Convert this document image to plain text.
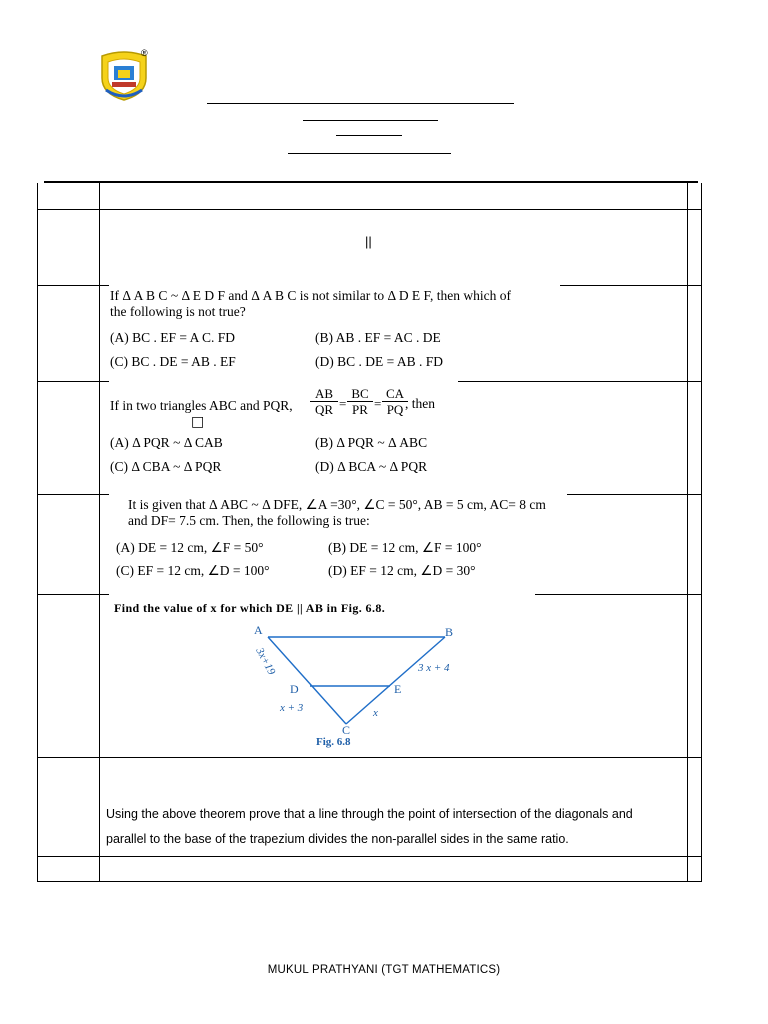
®
||
If Δ A B C ~ Δ E D F and Δ A B C is not similar to Δ D E F, then which of
the following is not true?
(A) BC . EF = A C. FD	(B) AB . EF = AC . DE
(C) BC . DE = AB . EF	(D) BC . DE = AB . FD
If in two triangles ABC and PQR, $\frac{AB}{QR} = \frac{BC}{PR} = \frac{CA}{PQ}$
, then
□
(A) Δ PQR ~ Δ CAB	(B) Δ PQR ~ Δ ABC
(C) Δ CBA ~ Δ PQR	(D) Δ BCA ~ Δ PQR
It is given that Δ ABC ~ Δ DFE, ∠A =30°, ∠C = 50°, AB = 5 cm, AC= 8 cm
and DF= 7.5 cm. Then, the following is true:
(A) DE = 12 cm, ∠F = 50°	(B) DE = 12 cm, ∠F = 100°
(C) EF = 12 cm, ∠D = 100°	(D) EF = 12 cm, ∠D = 30°
Find the value of x for which DE || AB in Fig. 6.8.
A	B
C
D	E
3x+19	3 x + 4
x + 3	x
Fig. 6.8
Using the above theorem prove that a line through the point of intersection of the diagonals and
parallel to the base of the trapezium divides the non-parallel sides in the same ratio.
MUKUL PRATHYANI (TGT MATHEMATICS)
